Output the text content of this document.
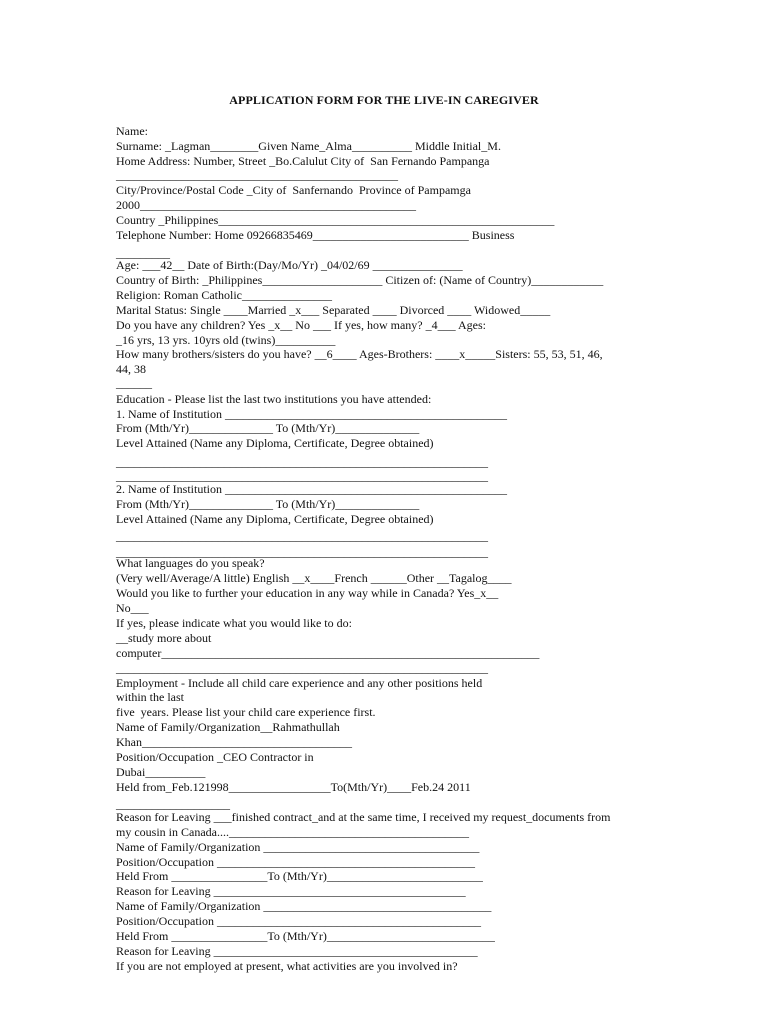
APPLICATION FORM FOR THE LIVE-IN CAREGIVER
Name:
Surname: _Lagman________Given Name_Alma__________ Middle Initial_M.
Home Address: Number, Street _Bo.Calulut City of  San Fernando Pampanga
_______________________________________________
City/Province/Postal Code _City of  Sanfernando  Province of Pampamga
2000______________________________________________
Country _Philippines________________________________________________________
Telephone Number: Home 09266835469__________________________ Business
_________
Age: ___42__ Date of Birth:(Day/Mo/Yr) _04/02/69 _______________
Country of Birth: _Philippines____________________ Citizen of: (Name of Country)____________
Religion: Roman Catholic_______________
Marital Status: Single ____Married _x___ Separated ____ Divorced ____ Widowed_____
Do you have any children? Yes _x__ No ___ If yes, how many? _4___ Ages:
_16 yrs, 13 yrs. 10yrs old (twins)__________
How many brothers/sisters do you have? __6____ Ages-Brothers: ____x_____Sisters: 55, 53, 51, 46,
44, 38
______
Education - Please list the last two institutions you have attended:
1. Name of Institution _______________________________________________
From (Mth/Yr)______________ To (Mth/Yr)______________
Level Attained (Name any Diploma, Certificate, Degree obtained)
______________________________________________________________
______________________________________________________________
2. Name of Institution _______________________________________________
From (Mth/Yr)______________ To (Mth/Yr)______________
Level Attained (Name any Diploma, Certificate, Degree obtained)
______________________________________________________________
______________________________________________________________
What languages do you speak?
(Very well/Average/A little) English __x____French ______Other __Tagalog____
Would you like to further your education in any way while in Canada? Yes_x__
No___
If yes, please indicate what you would like to do:
__study more about
computer_______________________________________________________________
______________________________________________________________
Employment - Include all child care experience and any other positions held
within the last
five  years. Please list your child care experience first.
Name of Family/Organization__Rahmathullah
Khan___________________________________
Position/Occupation _CEO Contractor in
Dubai__________
Held from_Feb.121998_________________To(Mth/Yr)____Feb.24 2011
___________________
Reason for Leaving ___finished contract_and at the same time, I received my request_documents from
my cousin in Canada....________________________________________
Name of Family/Organization ____________________________________
Position/Occupation ___________________________________________
Held From ________________To (Mth/Yr)__________________________
Reason for Leaving __________________________________________
Name of Family/Organization ______________________________________
Position/Occupation ____________________________________________
Held From ________________To (Mth/Yr)____________________________
Reason for Leaving ____________________________________________
If you are not employed at present, what activities are you involved in?
